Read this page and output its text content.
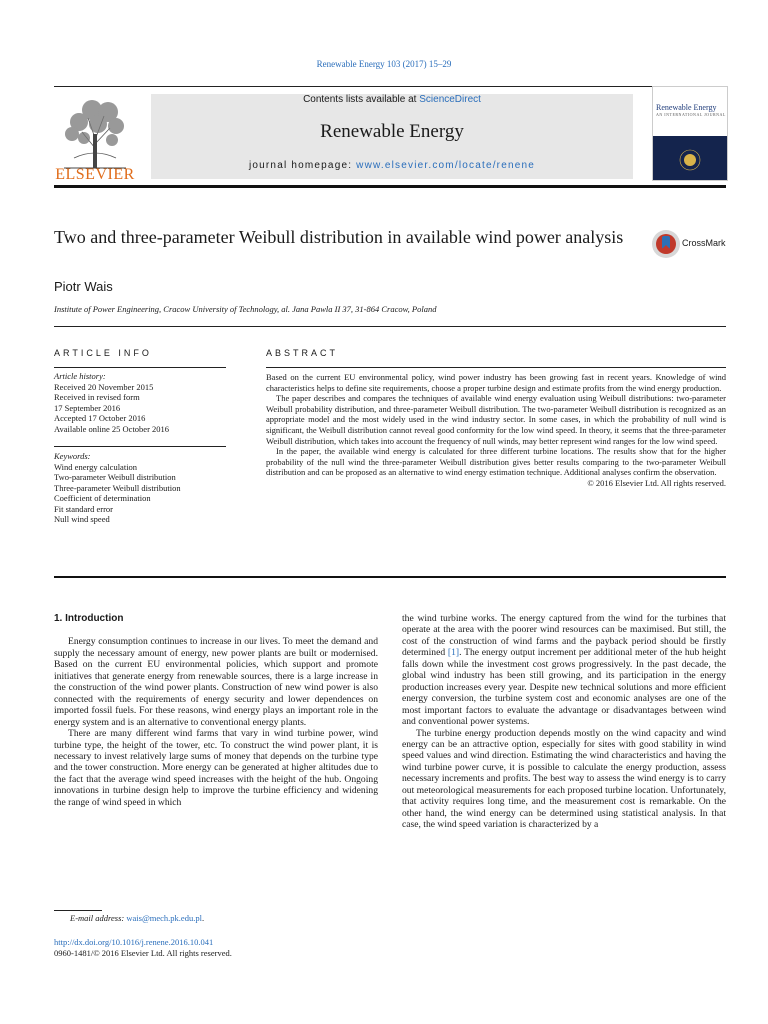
Renewable Energy 103 (2017) 15–29
ELSEVIER
Contents lists available at ScienceDirect
Renewable Energy
journal homepage: www.elsevier.com/locate/renene
Renewable Energy
AN INTERNATIONAL JOURNAL
Two and three-parameter Weibull distribution in available wind power analysis	CrossMark
Piotr Wais
Institute of Power Engineering, Cracow University of Technology, al. Jana Pawla II 37, 31-864 Cracow, Poland
ARTICLE INFO
Article history:
Received 20 November 2015
Received in revised form
17 September 2016
Accepted 17 October 2016
Available online 25 October 2016
Keywords:
Wind energy calculation
Two-parameter Weibull distribution
Three-parameter Weibull distribution
Coefficient of determination
Fit standard error
Null wind speed
ABSTRACT

Based on the current EU environmental policy, wind power industry has been growing fast in recent years. Knowledge of wind characteristics helps to define site requirements, choose a proper turbine design and estimate profits from the wind energy production.

The paper describes and compares the techniques of available wind energy evaluation using Weibull distributions: two-parameter Weibull probability distribution, and three-parameter Weibull distribution. The two-parameter Weibull distribution is recognized as an appropriate model and the most widely used in the wind industry sector. In some cases, in which the probability of null wind is significant, the Weibull distribution cannot reveal good conformity for the low wind speed. In theory, it seems that the three-parameter Weibull distribution, which takes into account the frequency of null winds, may better represent wind ranges for the low wind speed.

In the paper, the available wind energy is calculated for three different turbine locations. The results show that for the higher probability of the null wind the three-parameter Weibull distribution gives better results comparing to the two-parameter Weibull distribution and can be proposed as an alternative to wind energy estimation technique. Additional analyses confirm the observation.

© 2016 Elsevier Ltd. All rights reserved.
1. Introduction

Energy consumption continues to increase in our lives. To meet the demand and supply the necessary amount of energy, new power plants are built or modernised. Based on the current EU environmental policies, which support and promote initiatives that generate energy from renewable sources, there is a large increase in the construction of the wind power plants. Construction of new wind power is also connected with the requirements of energy security and lower dependences on imported fossil fuels. For these reasons, wind energy plays an important role in the energy system and is an alternative to conventional energy plants.

There are many different wind farms that vary in wind turbine power, wind turbine type, the height of the tower, etc. To construct the wind power plant, it is necessary to invest relatively large sums of money that depends on the turbine type and the tower construction. More energy can be generated at higher altitudes due to the fact that the average wind speed increases with the height of the hub. Ongoing innovations in turbine design help to improve the turbine efficiency and widening the range of wind speed in which

the wind turbine works. The energy captured from the wind for the turbines that operate at the area with the poorer wind resources can be maximised. But still, the cost of the construction of wind farms and the payback period should be firstly determined [1]. The energy output increment per additional meter of the hub height falls down while the investment cost grows progressively. In the past decade, the global wind industry has been still growing, and its participation in the energy production increases every year. Despite new technical solutions and more efficient energy conversion, the turbine system cost and economic analyses are one of the most important factors to evaluate the advantage or disadvantages between wind and conventional power systems.

The turbine energy production depends mostly on the wind capacity and wind energy can be an attractive option, especially for sites with good stability in wind speed values and wind direction. Estimating the wind characteristics and having the wind turbine power curve, it is possible to calculate the energy production, assess necessary increments and profits. The best way to assess the wind energy is to carry out meteorological measurements for each proposed turbine location. Unfortunately, that activity requires long time, and the measurement cost is remarkable. On the other hand, the wind energy can be determined using statistical analysis. In that case, the wind speed variation is characterized by a

E-mail address: wais@mech.pk.edu.pl.
http://dx.doi.org/10.1016/j.renene.2016.10.041
0960-1481/© 2016 Elsevier Ltd. All rights reserved.
